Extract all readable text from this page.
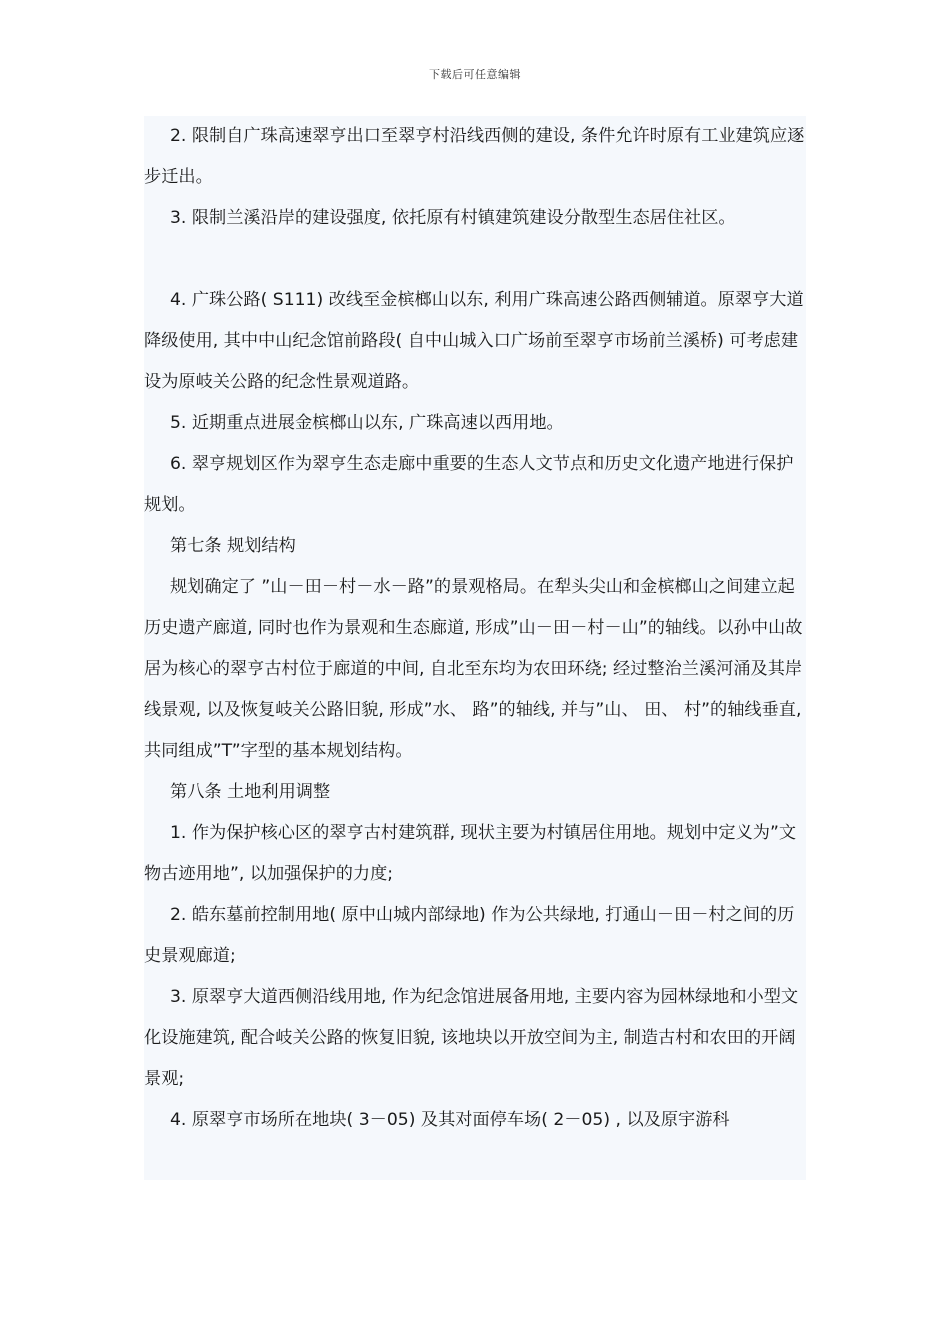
下载后可任意编辑

2. 限制自广珠高速翠亨出口至翠亨村沿线西侧的建设, 条件允许时原有工业建筑应逐步迁出。

3. 限制兰溪沿岸的建设强度, 依托原有村镇建筑建设分散型生态居住社区。

4. 广珠公路( S111) 改线至金槟榔山以东, 利用广珠高速公路西侧辅道。原翠亨大道降级使用, 其中中山纪念馆前路段( 自中山城入口广场前至翠亨市场前兰溪桥) 可考虑建设为原岐关公路的纪念性景观道路。

5. 近期重点进展金槟榔山以东, 广珠高速以西用地。

6. 翠亨规划区作为翠亨生态走廊中重要的生态人文节点和历史文化遗产地进行保护规划。

第七条 规划结构

规划确定了 ”山－田－村－水－路”的景观格局。在犁头尖山和金槟榔山之间建立起历史遗产廊道, 同时也作为景观和生态廊道, 形成”山－田－村－山”的轴线。以孙中山故居为核心的翠亨古村位于廊道的中间, 自北至东均为农田环绕; 经过整治兰溪河涌及其岸线景观, 以及恢复岐关公路旧貌, 形成”水、 路”的轴线, 并与”山、 田、 村”的轴线垂直, 共同组成”T”字型的基本规划结构。

第八条 土地利用调整

1. 作为保护核心区的翠亨古村建筑群, 现状主要为村镇居住用地。规划中定义为”文物古迹用地”, 以加强保护的力度;

2. 皓东墓前控制用地( 原中山城内部绿地) 作为公共绿地, 打通山－田－村之间的历史景观廊道;

3. 原翠亨大道西侧沿线用地, 作为纪念馆进展备用地, 主要内容为园林绿地和小型文化设施建筑, 配合岐关公路的恢复旧貌, 该地块以开放空间为主, 制造古村和农田的开阔景观;

4. 原翠亨市场所在地块( 3－05) 及其对面停车场( 2－05) , 以及原宇游科
